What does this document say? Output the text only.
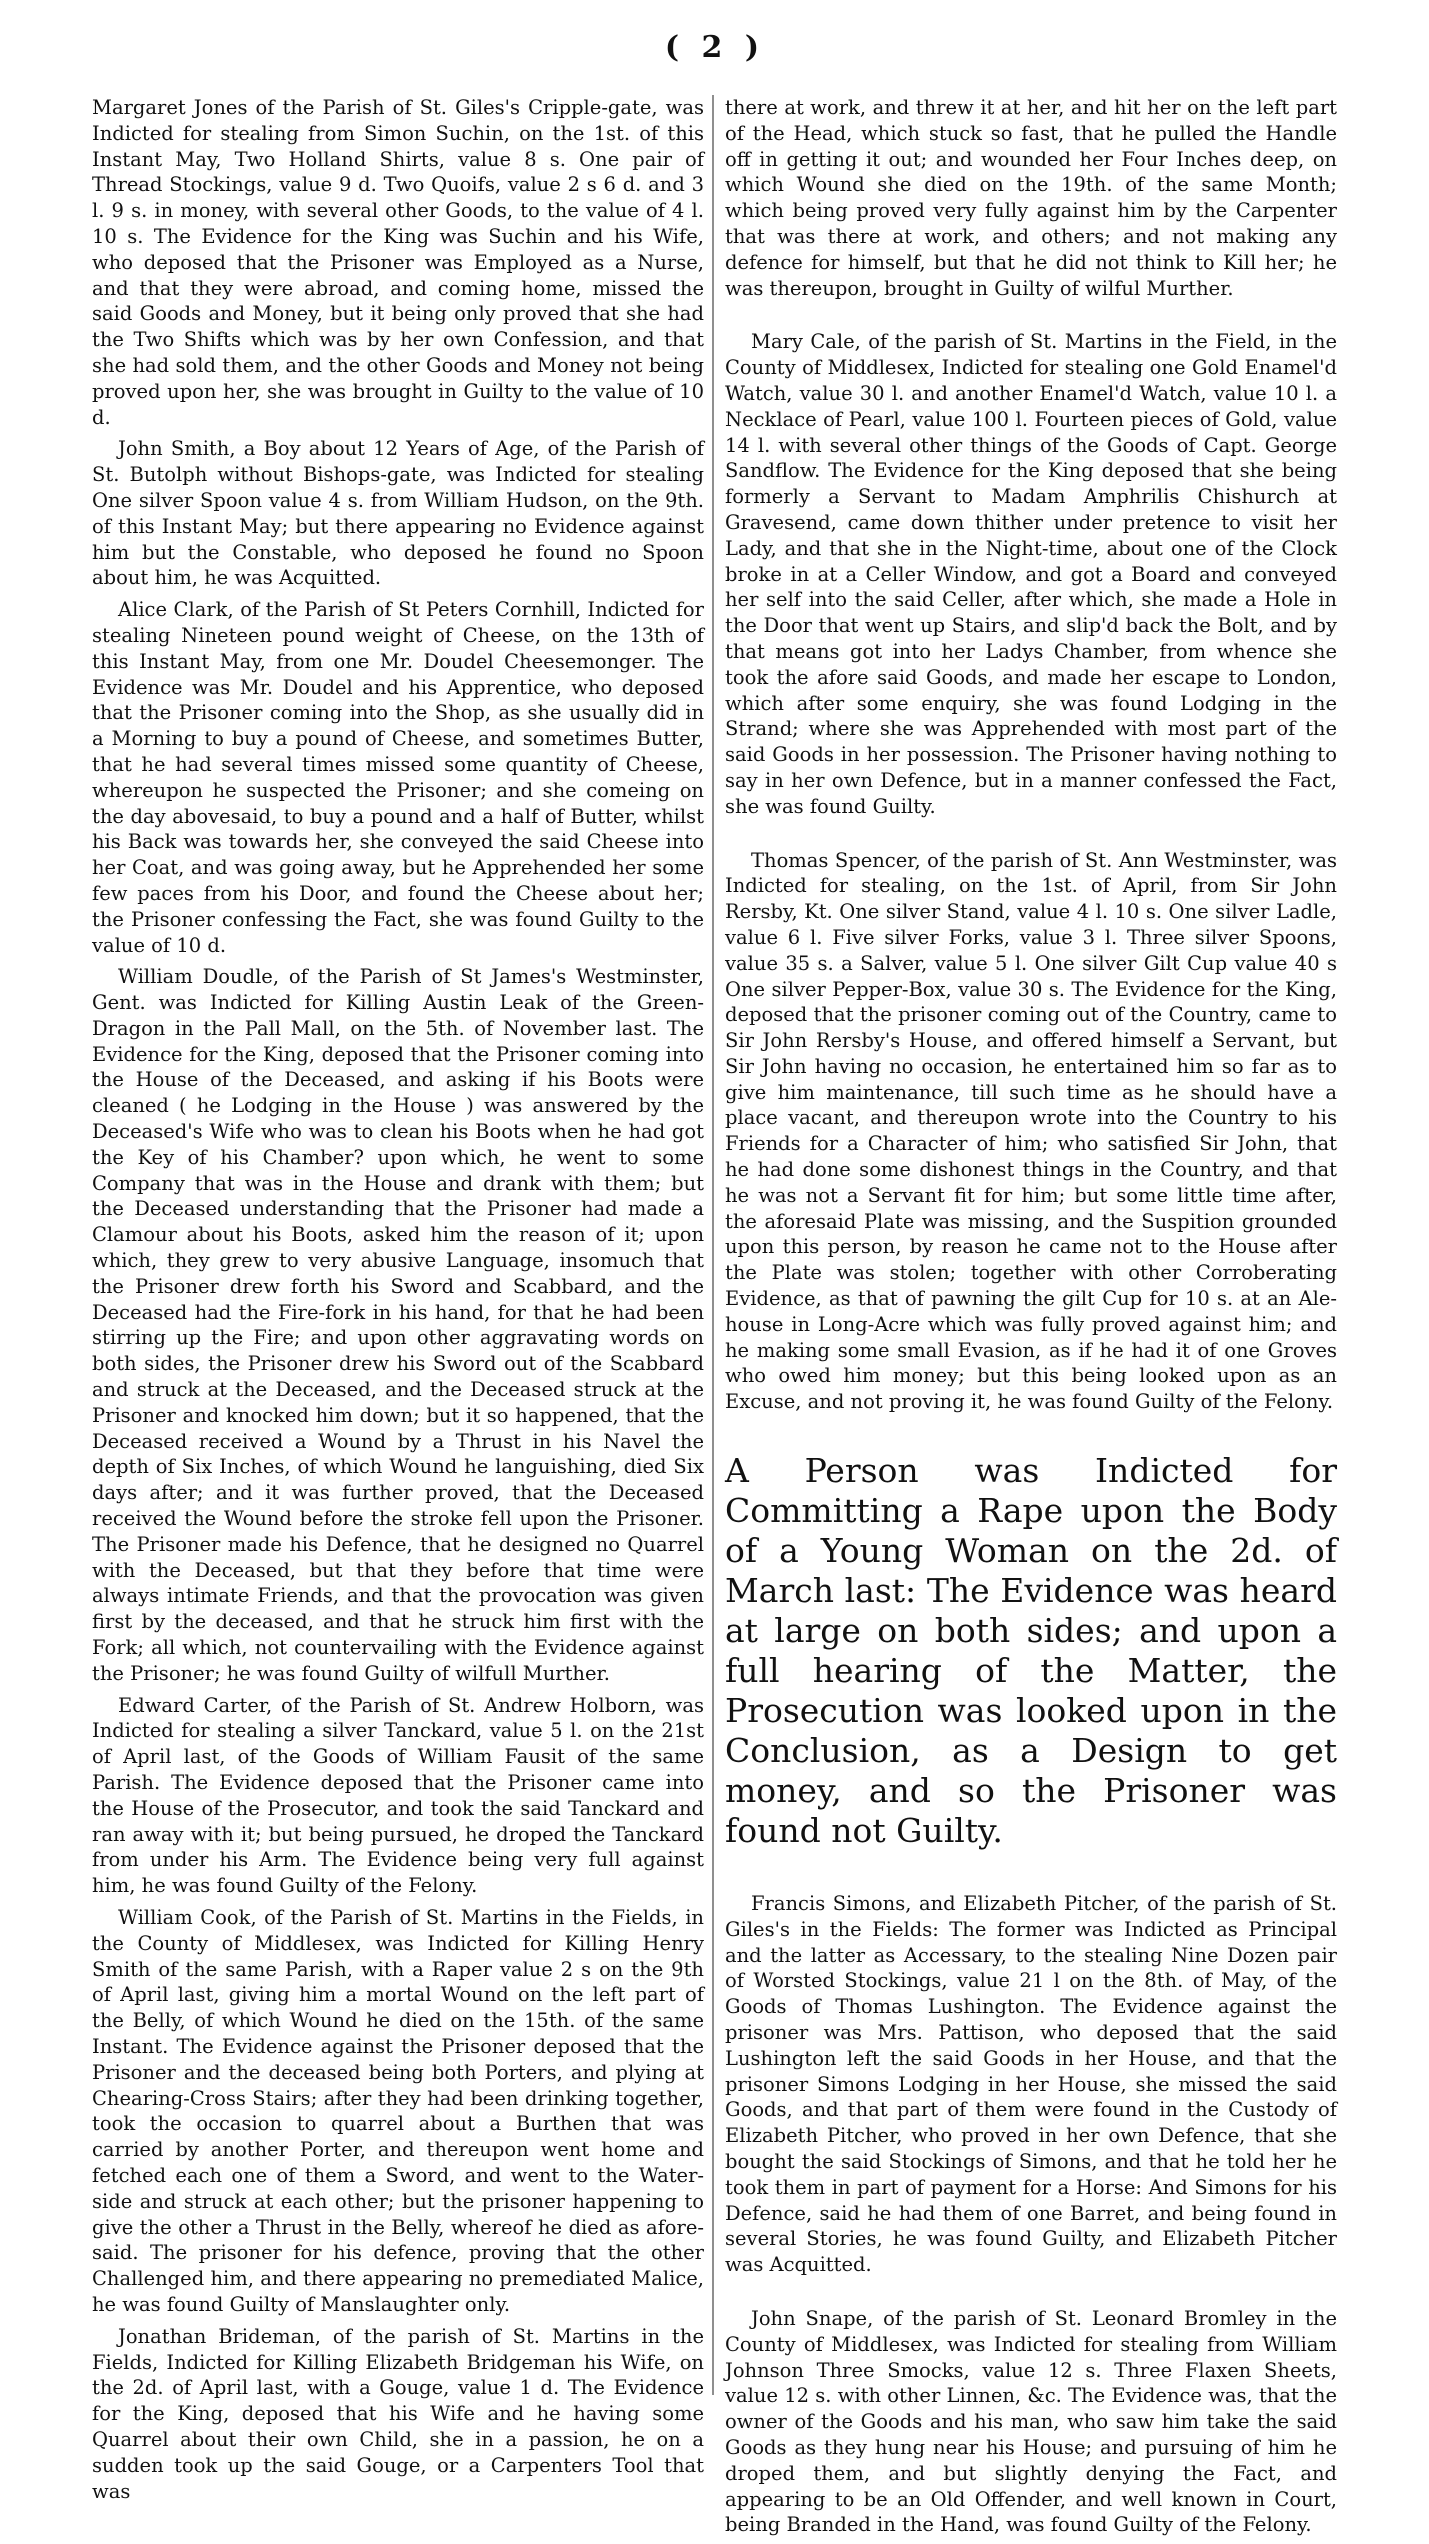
( 2 )

Margaret Jones of the Parish of St. Giles's Cripple-gate, was Indicted for stealing from Simon Suchin, on the 1st. of this Instant May, Two Holland Shirts, value 8 s. One pair of Thread Stockings, value 9 d. Two Quoifs, value 2 s 6 d. and 3 l. 9 s. in money, with several other Goods, to the value of 4 l. 10 s. The Evidence for the King was Suchin and his Wife, who deposed that the Prisoner was Employed as a Nurse, and that they were abroad, and coming home, missed the said Goods and Money, but it being only proved that she had the Two Shifts which was by her own Confession, and that she had sold them, and the other Goods and Money not being proved upon her, she was brought in Guilty to the value of 10 d.

John Smith, a Boy about 12 Years of Age, of the Parish of St. Butolph without Bishops-gate, was Indicted for stealing One silver Spoon value 4 s. from William Hudson, on the 9th. of this Instant May; but there appearing no Evidence against him but the Constable, who deposed he found no Spoon about him, he was Acquitted.

Alice Clark, of the Parish of St Peters Cornhill, Indicted for stealing Nineteen pound weight of Cheese, on the 13th of this Instant May, from one Mr. Doudel Cheesemonger. The Evidence was Mr. Doudel and his Apprentice, who deposed that the Prisoner coming into the Shop, as she usually did in a Morning to buy a pound of Cheese, and sometimes Butter, that he had several times missed some quantity of Cheese, whereupon he suspected the Prisoner; and she comeing on the day abovesaid, to buy a pound and a half of Butter, whilst his Back was towards her, she conveyed the said Cheese into her Coat, and was going away, but he Apprehended her some few paces from his Door, and found the Cheese about her; the Prisoner confessing the Fact, she was found Guilty to the value of 10 d.

William Doudle, of the Parish of St James's Westminster, Gent. was Indicted for Killing Austin Leak of the Green-Dragon in the Pall Mall, on the 5th. of November last. The Evidence for the King, deposed that the Prisoner coming into the House of the Deceased, and asking if his Boots were cleaned ( he Lodging in the House ) was answered by the Deceased's Wife who was to clean his Boots when he had got the Key of his Chamber? upon which, he went to some Company that was in the House and drank with them; but the Deceased understanding that the Prisoner had made a Clamour about his Boots, asked him the reason of it; upon which, they grew to very abusive Language, insomuch that the Prisoner drew forth his Sword and Scabbard, and the Deceased had the Fire-fork in his hand, for that he had been stirring up the Fire; and upon other aggravating words on both sides, the Prisoner drew his Sword out of the Scabbard and struck at the Deceased, and the Deceased struck at the Prisoner and knocked him down; but it so happened, that the Deceased received a Wound by a Thrust in his Navel the depth of Six Inches, of which Wound he languishing, died Six days after; and it was further proved, that the Deceased received the Wound before the stroke fell upon the Prisoner. The Prisoner made his Defence, that he designed no Quarrel with the Deceased, but that they before that time were always intimate Friends, and that the provocation was given first by the deceased, and that he struck him first with the Fork; all which, not countervailing with the Evidence against the Prisoner; he was found Guilty of wilfull Murther.

Edward Carter, of the Parish of St. Andrew Holborn, was Indicted for stealing a silver Tanckard, value 5 l. on the 21st of April last, of the Goods of William Fausit of the same Parish. The Evidence deposed that the Prisoner came into the House of the Prosecutor, and took the said Tanckard and ran away with it; but being pursued, he droped the Tanckard from under his Arm. The Evidence being very full against him, he was found Guilty of the Felony.

William Cook, of the Parish of St. Martins in the Fields, in the County of Middlesex, was Indicted for Killing Henry Smith of the same Parish, with a Raper value 2 s on the 9th of April last, giving him a mortal Wound on the left part of the Belly, of which Wound he died on the 15th. of the same Instant. The Evidence against the Prisoner deposed that the Prisoner and the deceased being both Porters, and plying at Chearing-Cross Stairs; after they had been drinking together, took the occasion to quarrel about a Burthen that was carried by another Porter, and thereupon went home and fetched each one of them a Sword, and went to the Water-side and struck at each other; but the prisoner happening to give the other a Thrust in the Belly, whereof he died as afore-said. The prisoner for his defence, proving that the other Challenged him, and there appearing no premediated Malice, he was found Guilty of Manslaughter only.

Jonathan Brideman, of the parish of St. Martins in the Fields, Indicted for Killing Elizabeth Bridgeman his Wife, on the 2d. of April last, with a Gouge, value 1 d. The Evidence for the King, deposed that his Wife and he having some Quarrel about their own Child, she in a passion, he on a sudden took up the said Gouge, or a Carpenters Tool that was

there at work, and threw it at her, and hit her on the left part of the Head, which stuck so fast, that he pulled the Handle off in getting it out; and wounded her Four Inches deep, on which Wound she died on the 19th. of the same Month; which being proved very fully against him by the Carpenter that was there at work, and others; and not making any defence for himself, but that he did not think to Kill her; he was thereupon, brought in Guilty of wilful Murther.

Mary Cale, of the parish of St. Martins in the Field, in the County of Middlesex, Indicted for stealing one Gold Enamel'd Watch, value 30 l. and another Enamel'd Watch, value 10 l. a Necklace of Pearl, value 100 l. Fourteen pieces of Gold, value 14 l. with several other things of the Goods of Capt. George Sandflow. The Evidence for the King deposed that she being formerly a Servant to Madam Amphrilis Chishurch at Gravesend, came down thither under pretence to visit her Lady, and that she in the Night-time, about one of the Clock broke in at a Celler Window, and got a Board and conveyed her self into the said Celler, after which, she made a Hole in the Door that went up Stairs, and slip'd back the Bolt, and by that means got into her Ladys Chamber, from whence she took the afore said Goods, and made her escape to London, which after some enquiry, she was found Lodging in the Strand; where she was Apprehended with most part of the said Goods in her possession. The Prisoner having nothing to say in her own Defence, but in a manner confessed the Fact, she was found Guilty.

Thomas Spencer, of the parish of St. Ann Westminster, was Indicted for stealing, on the 1st. of April, from Sir John Rersby, Kt. One silver Stand, value 4 l. 10 s. One silver Ladle, value 6 l. Five silver Forks, value 3 l. Three silver Spoons, value 35 s. a Salver, value 5 l. One silver Gilt Cup value 40 s One silver Pepper-Box, value 30 s. The Evidence for the King, deposed that the prisoner coming out of the Country, came to Sir John Rersby's House, and offered himself a Servant, but Sir John having no occasion, he entertained him so far as to give him maintenance, till such time as he should have a place vacant, and thereupon wrote into the Country to his Friends for a Character of him; who satisfied Sir John, that he had done some dishonest things in the Country, and that he was not a Servant fit for him; but some little time after, the aforesaid Plate was missing, and the Suspition grounded upon this person, by reason he came not to the House after the Plate was stolen; together with other Corroberating Evidence, as that of pawning the gilt Cup for 10 s. at an Ale-house in Long-Acre which was fully proved against him; and he making some small Evasion, as if he had it of one Groves who owed him money; but this being looked upon as an Excuse, and not proving it, he was found Guilty of the Felony.

A Person was Indicted for Committing a Rape upon the Body of a Young Woman on the 2d. of March last: The Evidence was heard at large on both sides; and upon a full hearing of the Matter, the Prosecution was looked upon in the Conclusion, as a Design to get money, and so the Prisoner was found not Guilty.

Francis Simons, and Elizabeth Pitcher, of the parish of St. Giles's in the Fields: The former was Indicted as Principal and the latter as Accessary, to the stealing Nine Dozen pair of Worsted Stockings, value 21 l on the 8th. of May, of the Goods of Thomas Lushington. The Evidence against the prisoner was Mrs. Pattison, who deposed that the said Lushington left the said Goods in her House, and that the prisoner Simons Lodging in her House, she missed the said Goods, and that part of them were found in the Custody of Elizabeth Pitcher, who proved in her own Defence, that she bought the said Stockings of Simons, and that he told her he took them in part of payment for a Horse: And Simons for his Defence, said he had them of one Barret, and being found in several Stories, he was found Guilty, and Elizabeth Pitcher was Acquitted.

John Snape, of the parish of St. Leonard Bromley in the County of Middlesex, was Indicted for stealing from William Johnson Three Smocks, value 12 s. Three Flaxen Sheets, value 12 s. with other Linnen, &c. The Evidence was, that the owner of the Goods and his man, who saw him take the said Goods as they hung near his House; and pursuing of him he droped them, and but slightly denying the Fact, and appearing to be an Old Offender, and well known in Court, being Branded in the Hand, was found Guilty of the Felony.
